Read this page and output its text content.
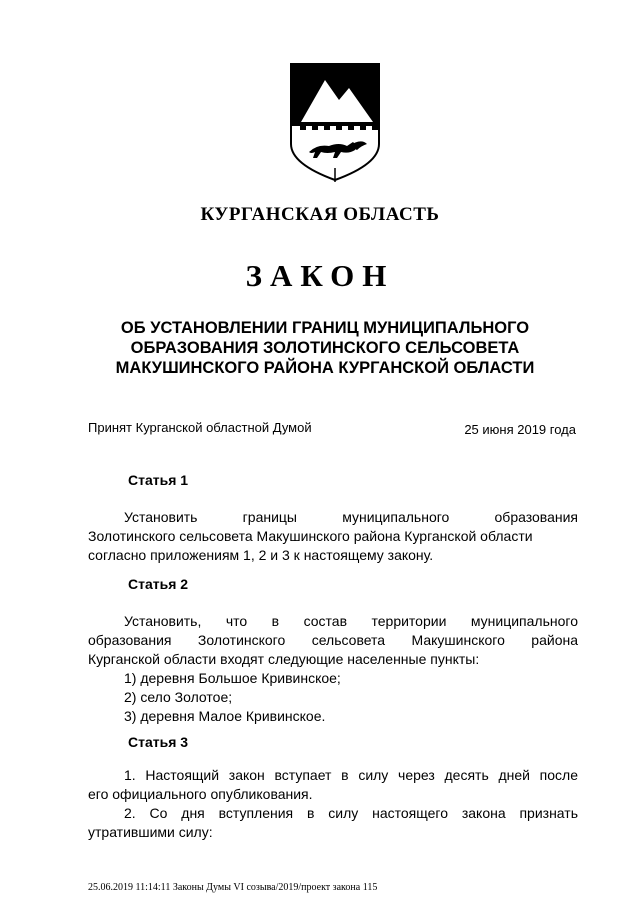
КУРГАНСКАЯ ОБЛАСТЬ
ЗАКОН
ОБ УСТАНОВЛЕНИИ ГРАНИЦ МУНИЦИПАЛЬНОГО
ОБРАЗОВАНИЯ ЗОЛОТИНСКОГО СЕЛЬСОВЕТА
МАКУШИНСКОГО РАЙОНА КУРГАНСКОЙ ОБЛАСТИ
Принят Курганской областной Думой	25 июня 2019 года
Статья 1
Установить границы муниципального образования
Золотинского сельсовета Макушинского района Курганской области
согласно приложениям 1, 2 и 3 к настоящему закону.
Статья 2
Установить, что в состав территории муниципального
образования Золотинского сельсовета Макушинского района
Курганской области входят следующие населенные пункты:
1) деревня Большое Кривинское;
2) село Золотое;
3) деревня Малое Кривинское.
Статья 3
1. Настоящий закон вступает в силу через десять дней после
его официального опубликования.
2. Со дня вступления в силу настоящего закона признать
утратившими силу:
25.06.2019 11:14:11 Законы Думы VI созыва/2019/проект закона 115
